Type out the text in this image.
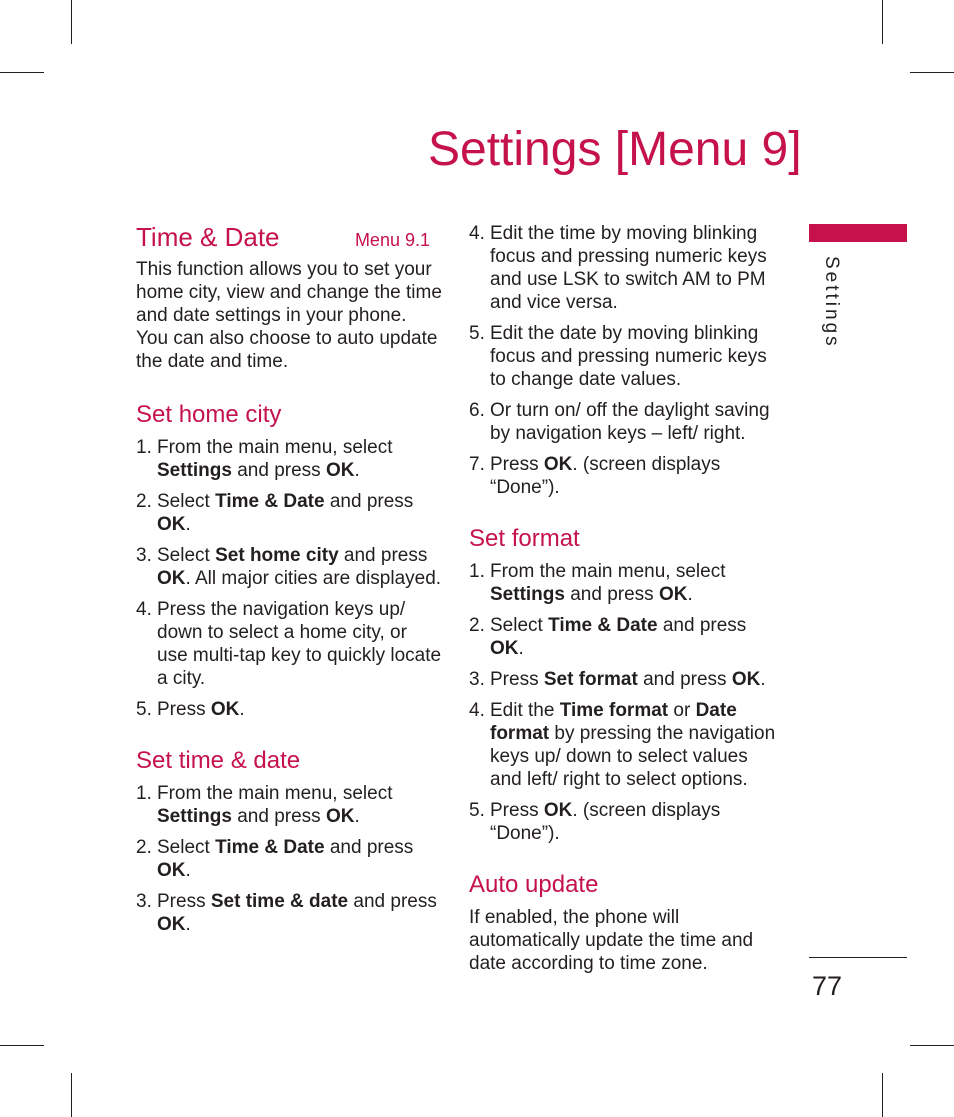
Settings [Menu 9]
Time & Date	Menu 9.1

This function allows you to set your home city, view and change the time and date settings in your phone. You can also choose to auto update the date and time.

Set home city
1. From the main menu, select Settings and press OK.
2. Select Time & Date and press OK.
3. Select Set home city and press OK. All major cities are displayed.
4. Press the navigation keys up/ down to select a home city, or use multi-tap key to quickly locate a city.
5. Press OK.
Set time & date
1. From the main menu, select Settings and press OK.
2. Select Time & Date and press OK.
3. Press Set time & date and press OK.
4. Edit the time by moving blinking focus and pressing numeric keys and use LSK to switch AM to PM and vice versa.
5. Edit the date by moving blinking focus and pressing numeric keys to change date values.
6. Or turn on/ off the daylight saving by navigation keys – left/ right.
7. Press OK. (screen displays “Done”).
Set format
1. From the main menu, select Settings and press OK.
2. Select Time & Date and press OK.
3. Press Set format and press OK.
4. Edit the Time format or Date format by pressing the navigation keys up/ down to select values and left/ right to select options.
5. Press OK. (screen displays “Done”).
Auto update

If enabled, the phone will automatically update the time and date according to time zone.

Settings
77
